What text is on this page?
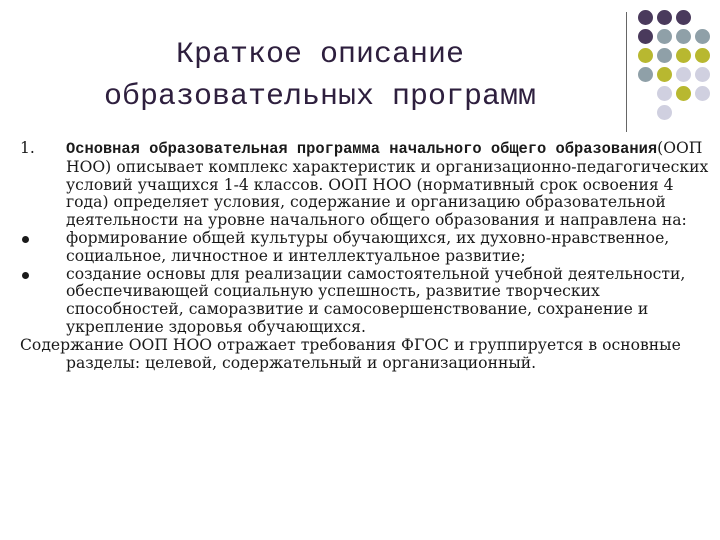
Краткое описание
образовательных программ
1. Основная образовательная программа начального общего образования(ООП НОО) описывает комплекс характеристик и организационно-педагогических условий учащихся 1-4 классов. ООП НОО (нормативный срок освоения 4 года) определяет условия, содержание и организацию образовательной деятельности на уровне начального общего образования и направлена на:
формирование общей культуры обучающихся, их духовно-нравственное, социальное, личностное и интеллектуальное развитие;
создание основы для реализации самостоятельной учебной деятельности, обеспечивающей социальную успешность, развитие творческих способностей, саморазвитие и самосовершенствование, сохранение и укрепление здоровья обучающихся.
Содержание ООП НОО отражает требования ФГОС и группируется в основные разделы: целевой, содержательный и организационный.
